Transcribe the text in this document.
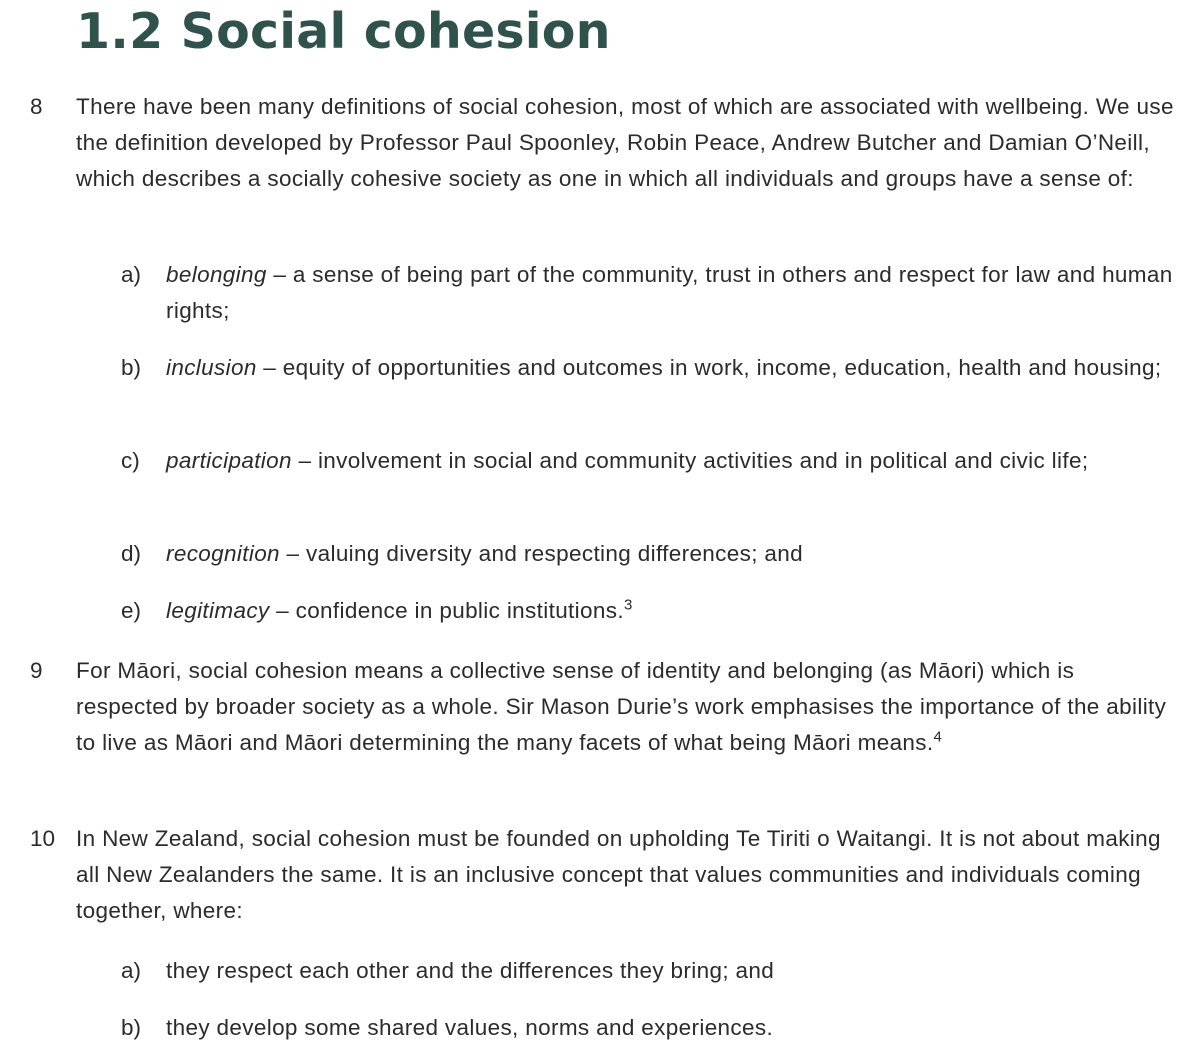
1.2 Social cohesion
8 There have been many definitions of social cohesion, most of which are associated with wellbeing. We use the definition developed by Professor Paul Spoonley, Robin Peace, Andrew Butcher and Damian O’Neill, which describes a socially cohesive society as one in which all individuals and groups have a sense of:

a) belonging – a sense of being part of the community, trust in others and respect for law and human rights;

b) inclusion – equity of opportunities and outcomes in work, income, education, health and housing;

c) participation – involvement in social and community activities and in political and civic life;

d) recognition – valuing diversity and respecting differences; and

e) legitimacy – confidence in public institutions.$^3$

9 For Māori, social cohesion means a collective sense of identity and belonging (as Māori) which is respected by broader society as a whole. Sir Mason Durie’s work emphasises the importance of the ability to live as Māori and Māori determining the many facets of what being Māori means.$^4$

10 In New Zealand, social cohesion must be founded on upholding Te Tiriti o Waitangi. It is not about making all New Zealanders the same. It is an inclusive concept that values communities and individuals coming together, where:

a) they respect each other and the differences they bring; and

b) they develop some shared values, norms and experiences.
